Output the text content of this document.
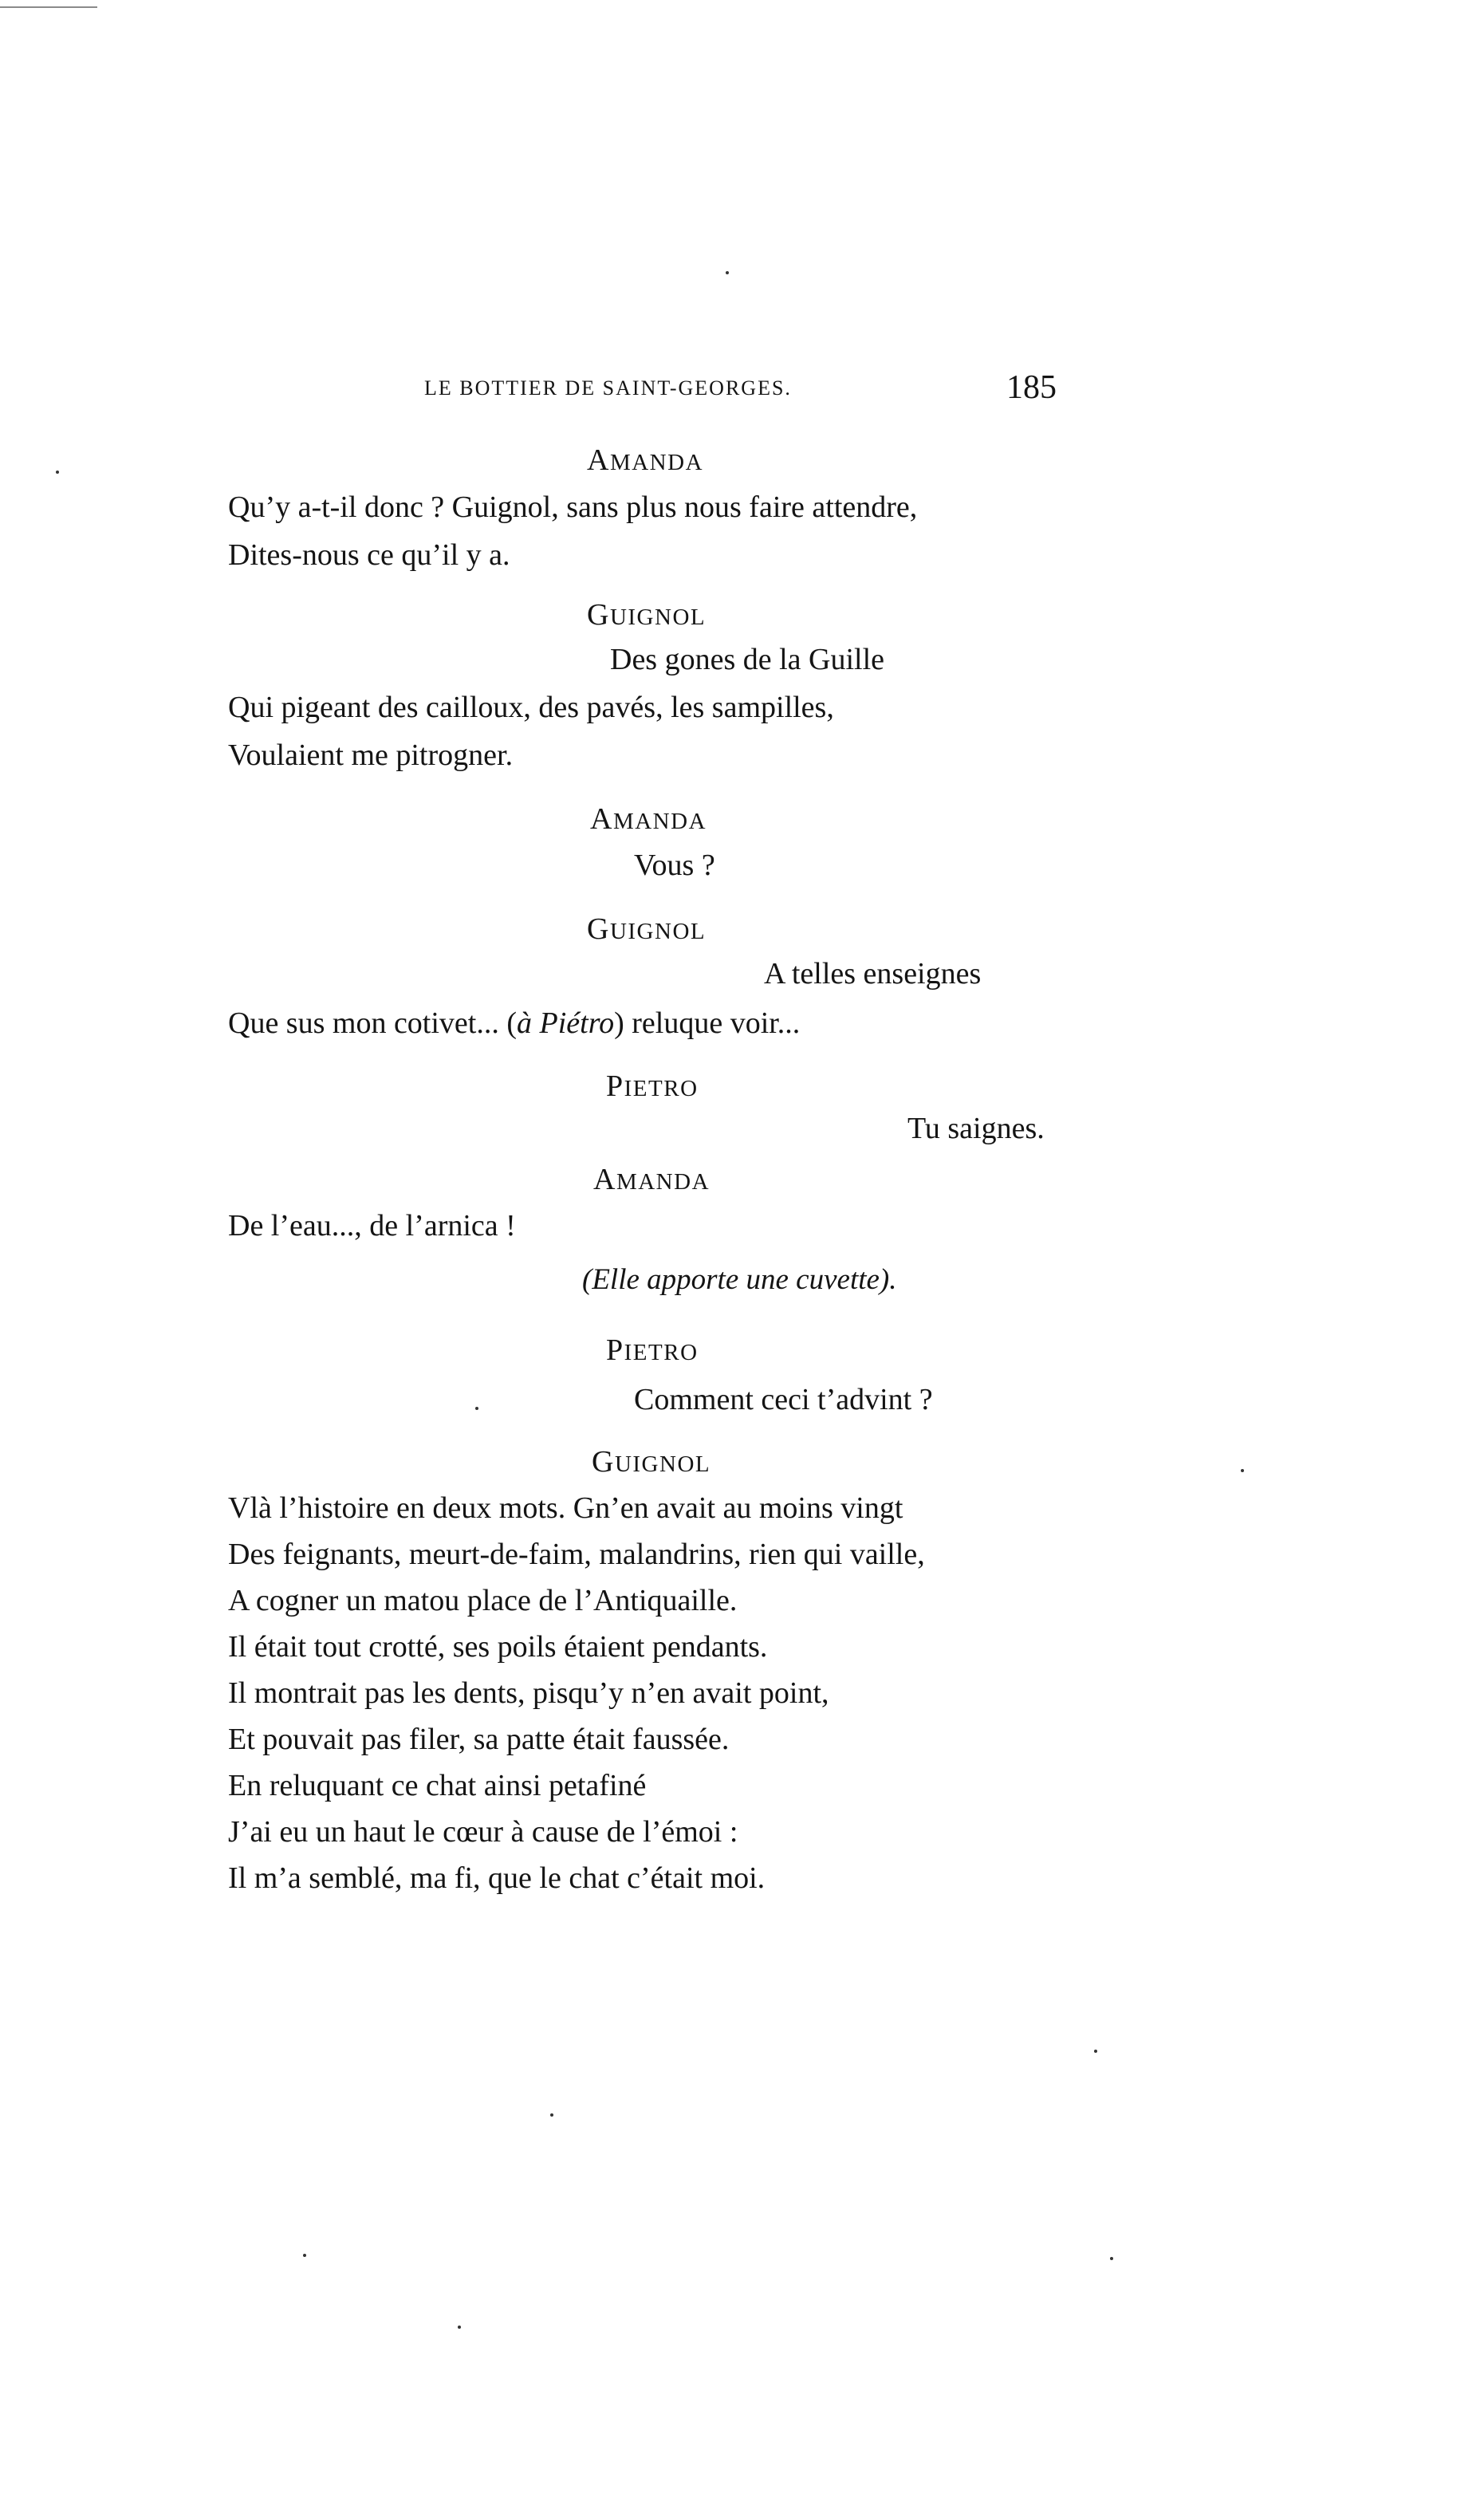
LE BOTTIER DE SAINT-GEORGES.	185
AMANDA
Qu’y a-t-il donc ? Guignol, sans plus nous faire attendre,
Dites-nous ce qu’il y a.
GUIGNOL
Des gones de la Guille
Qui pigeant des cailloux, des pavés, les sampilles,
Voulaient me pitrogner.
AMANDA
Vous ?
GUIGNOL
A telles enseignes
Que sus mon cotivet... (à Piétro) reluque voir...
PIETRO
Tu saignes.
AMANDA
De l’eau..., de l’arnica !
(Elle apporte une cuvette).
PIETRO
Comment ceci t’advint ?
GUIGNOL
Vlà l’histoire en deux mots. Gn’en avait au moins vingt
Des feignants, meurt-de-faim, malandrins, rien qui vaille,
A cogner un matou place de l’Antiquaille.
Il était tout crotté, ses poils étaient pendants.
Il montrait pas les dents, pisqu’y n’en avait point,
Et pouvait pas filer, sa patte était faussée.
En reluquant ce chat ainsi petafiné
J’ai eu un haut le cœur à cause de l’émoi :
Il m’a semblé, ma fi, que le chat c’était moi.
